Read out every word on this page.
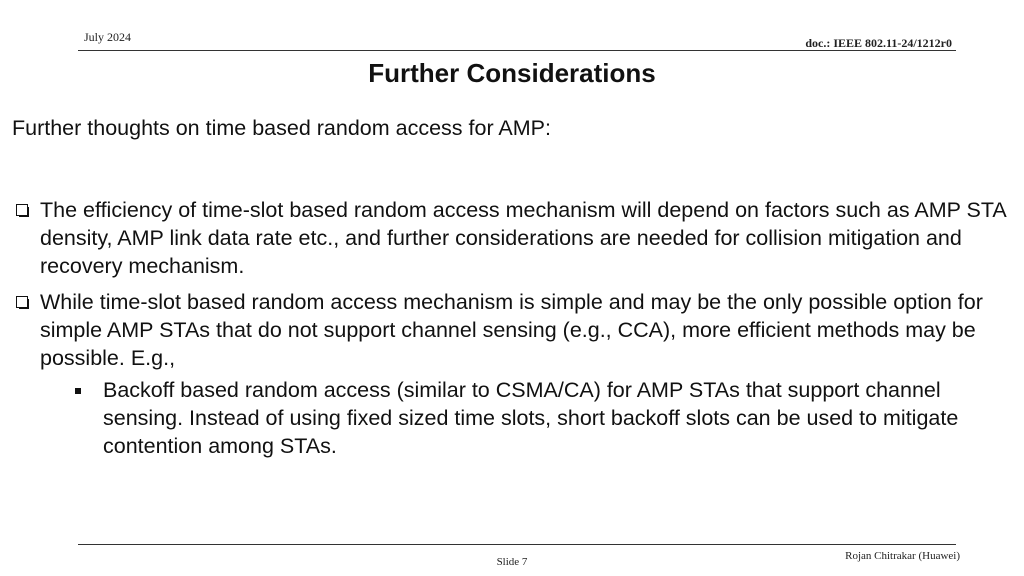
July 2024	doc.: IEEE 802.11-24/1212r0
Further Considerations
Further thoughts on time based random access for AMP:
The efficiency of time-slot based random access mechanism will depend on factors such as AMP STA density, AMP link data rate etc., and further considerations are needed for collision mitigation and recovery mechanism.
While time-slot based random access mechanism is simple and may be the only possible option for simple AMP STAs that do not support channel sensing (e.g., CCA), more efficient methods may be possible. E.g.,
Backoff based random access (similar to CSMA/CA) for AMP STAs that support channel sensing. Instead of using fixed sized time slots, short backoff slots can be used to mitigate contention among STAs.
Slide 7	Rojan Chitrakar (Huawei)
